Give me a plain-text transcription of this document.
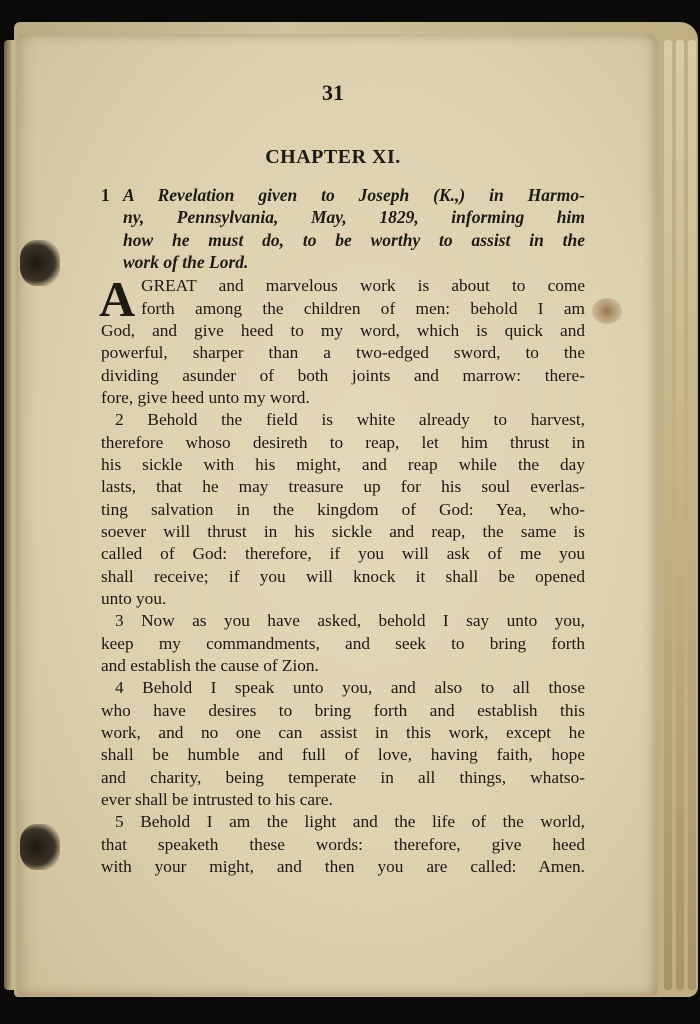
31
CHAPTER XI.
1 A Revelation given to Joseph (K.,) in Harmo-
ny, Pennsylvania, May, 1829, informing him
how he must do, to be worthy to assist in the
work of the Lord.
A GREAT and marvelous work is about to come
forth among the children of men: behold I am
God, and give heed to my word, which is quick and
powerful, sharper than a two-edged sword, to the
dividing asunder of both joints and marrow: there-
fore, give heed unto my word.
2 Behold the field is white already to harvest,
therefore whoso desireth to reap, let him thrust in
his sickle with his might, and reap while the day
lasts, that he may treasure up for his soul everlas-
ting salvation in the kingdom of God: Yea, who-
soever will thrust in his sickle and reap, the same is
called of God: therefore, if you will ask of me you
shall receive; if you will knock it shall be opened
unto you.
3 Now as you have asked, behold I say unto you,
keep my commandments, and seek to bring forth
and establish the cause of Zion.
4 Behold I speak unto you, and also to all those
who have desires to bring forth and establish this
work, and no one can assist in this work, except he
shall be humble and full of love, having faith, hope
and charity, being temperate in all things, whatso-
ever shall be intrusted to his care.
5 Behold I am the light and the life of the world,
that speaketh these words: therefore, give heed
with your might, and then you are called: Amen.
